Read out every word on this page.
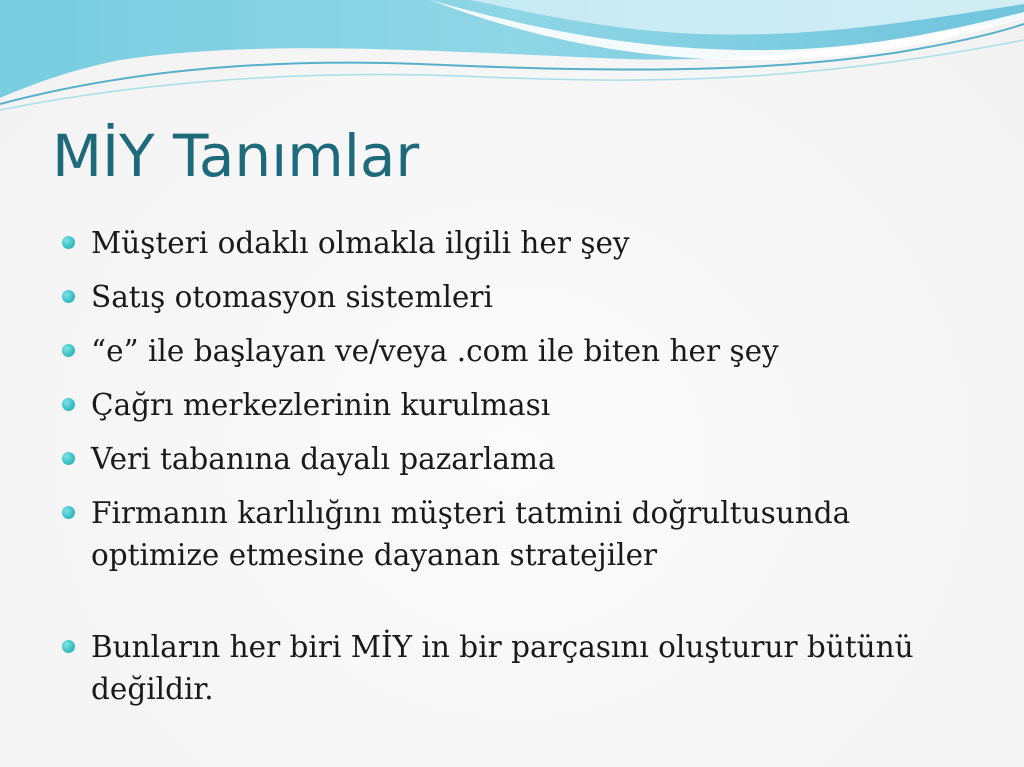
MİY Tanımlar
Müşteri odaklı olmakla ilgili her şey
Satış otomasyon sistemleri
“e” ile başlayan ve/veya .com ile biten her şey
Çağrı merkezlerinin kurulması
Veri tabanına dayalı pazarlama
Firmanın karlılığını müşteri tatmini doğrultusunda optimize etmesine dayanan stratejiler
Bunların her biri MİY in bir parçasını oluşturur bütünü değildir.
